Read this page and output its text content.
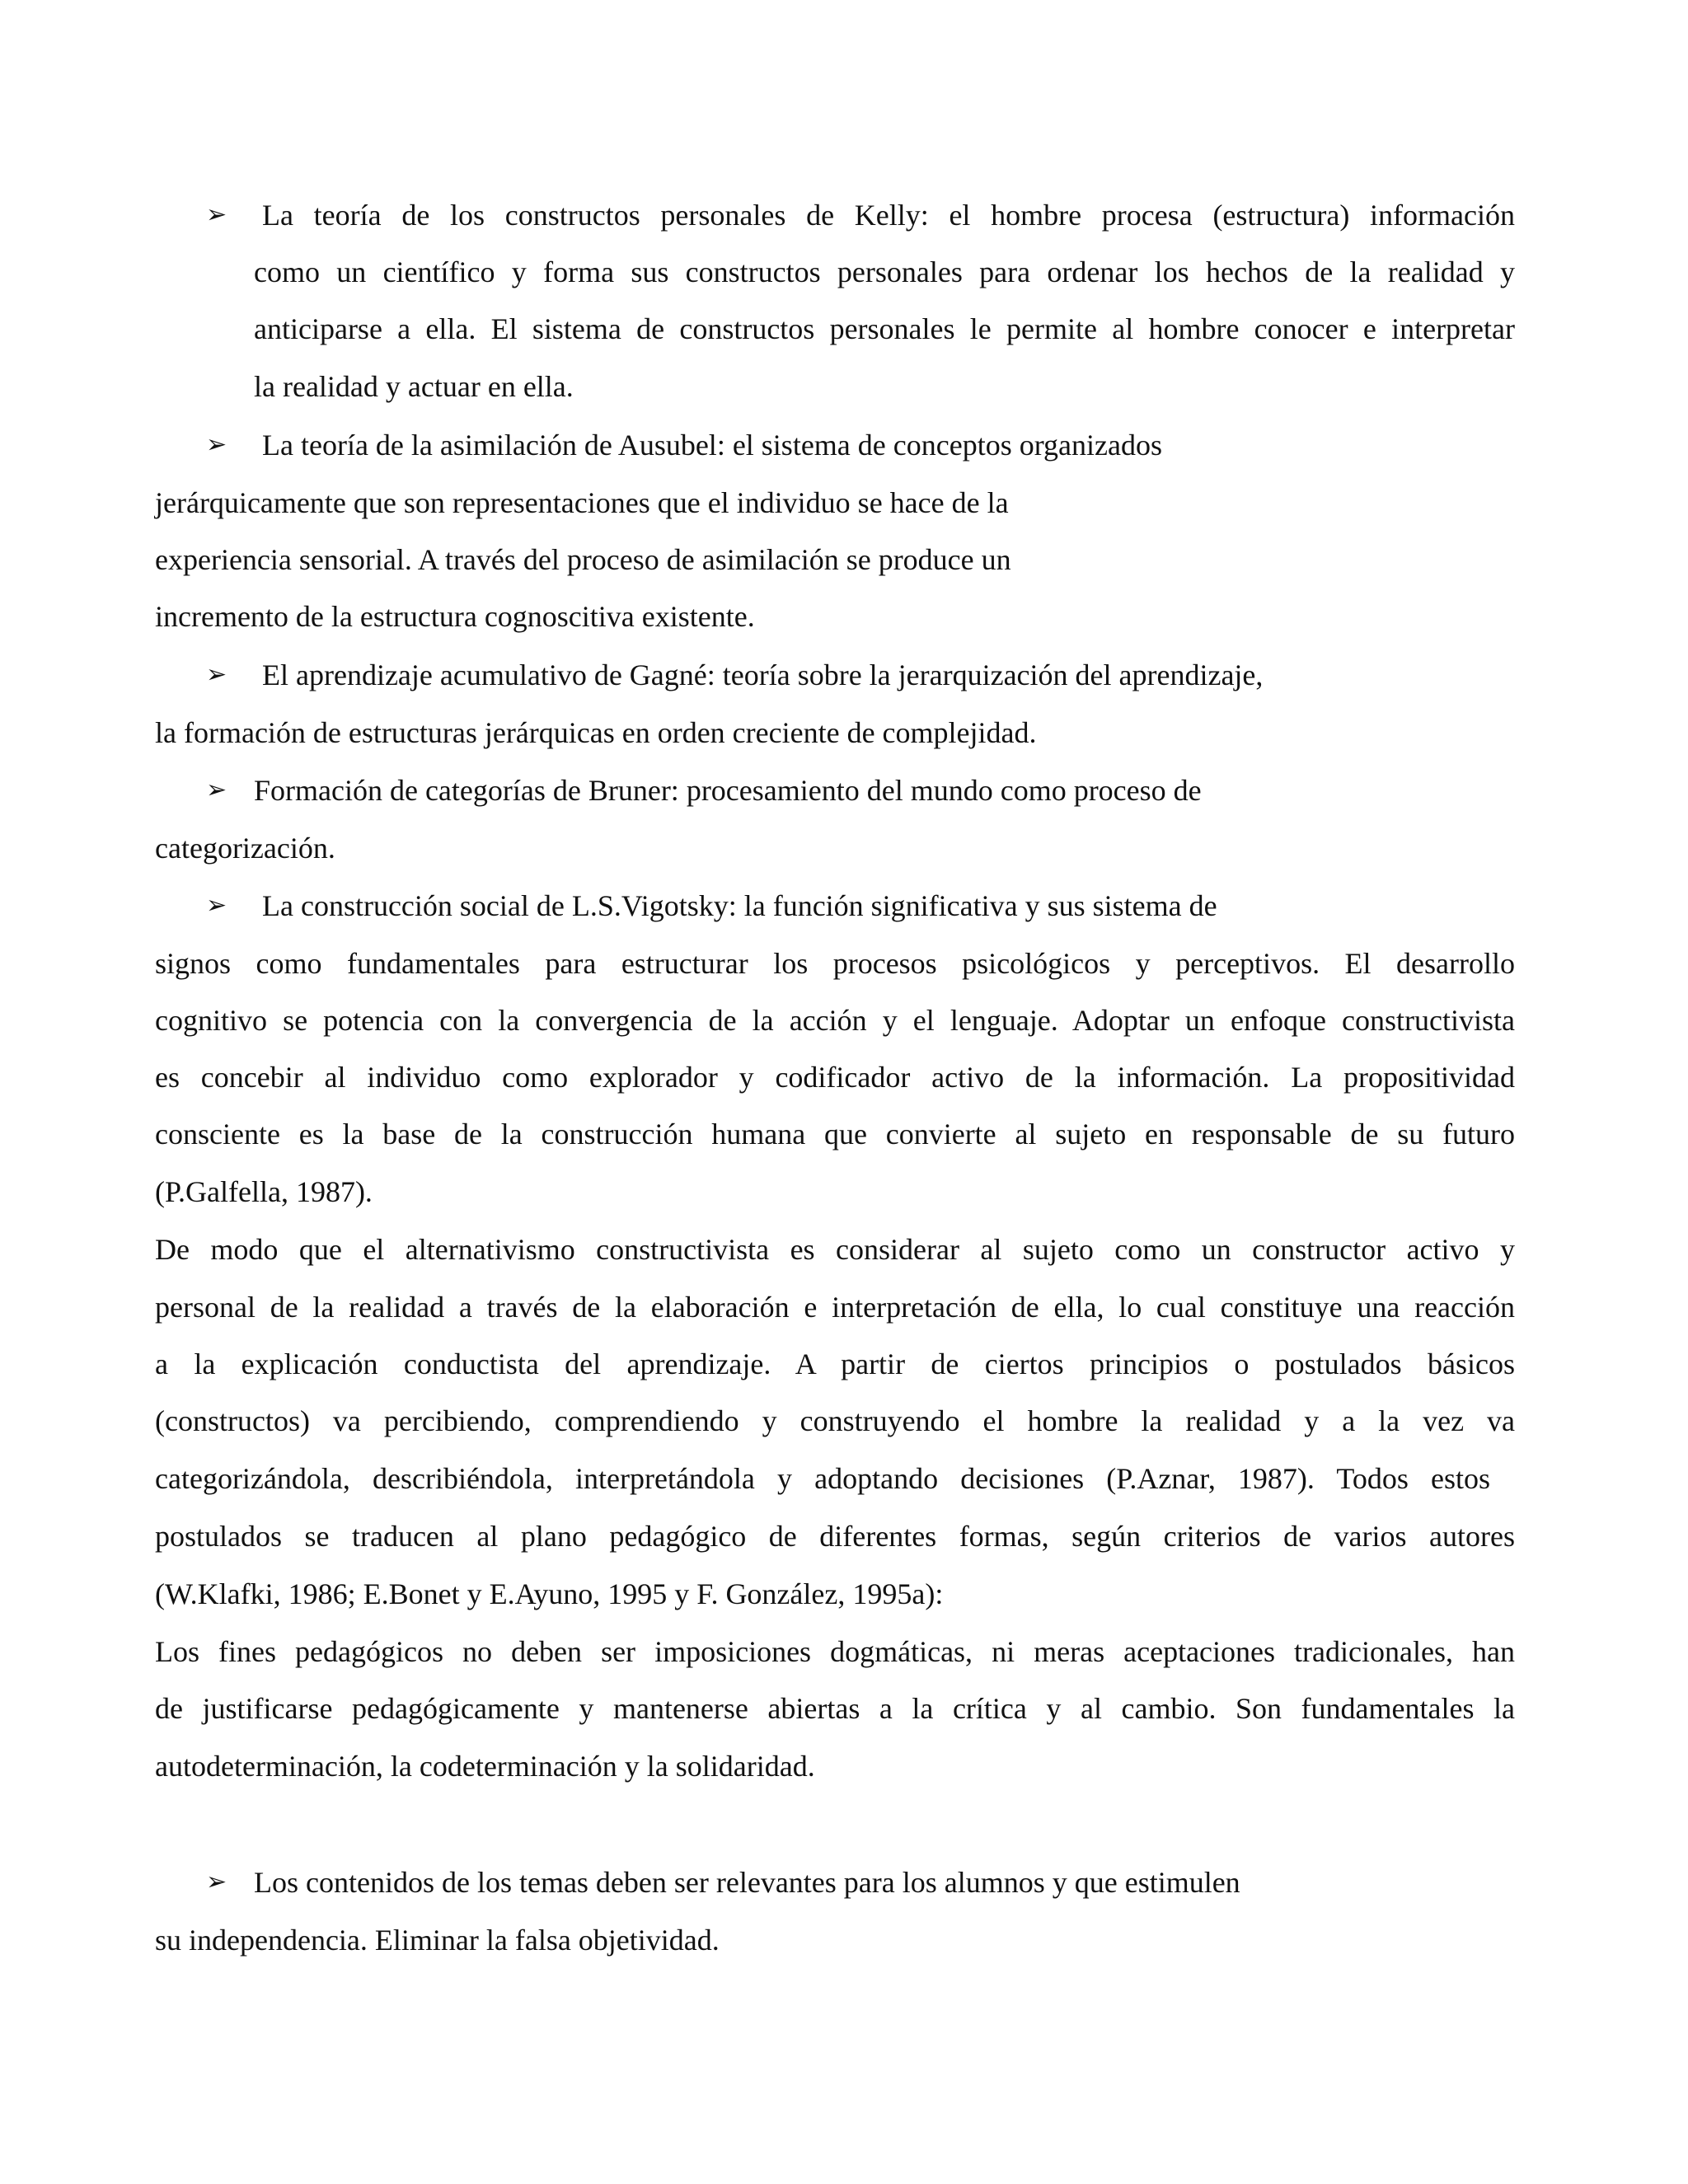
➢ La teoría de los constructos personales de Kelly: el hombre procesa (estructura) información

como un científico y forma sus constructos personales para ordenar los hechos de la realidad y

anticiparse a ella. El sistema de constructos personales le permite al hombre conocer e interpretar

la realidad y actuar en ella.

➢ La teoría de la asimilación de Ausubel: el sistema de conceptos organizados

jerárquicamente que son representaciones que el individuo se hace de la

experiencia sensorial. A través del proceso de asimilación se produce un

incremento de la estructura cognoscitiva existente.

➢ El aprendizaje acumulativo de Gagné: teoría sobre la jerarquización del aprendizaje,

la formación de estructuras jerárquicas en orden creciente de complejidad.

➢ Formación de categorías de Bruner: procesamiento del mundo como proceso de

categorización.

➢ La construcción social de L.S.Vigotsky: la función significativa y sus sistema de

signos como fundamentales para estructurar los procesos psicológicos y perceptivos. El desarrollo

cognitivo se potencia con la convergencia de la acción y el lenguaje. Adoptar un enfoque constructivista

es concebir al individuo como explorador y codificador activo de la información. La propositividad

consciente es la base de la construcción humana que convierte al sujeto en responsable de su futuro

(P.Galfella, 1987).

De modo que el alternativismo constructivista es considerar al sujeto como un constructor activo y

personal de la realidad a través de la elaboración e interpretación de ella, lo cual constituye una reacción

a la explicación conductista del aprendizaje. A partir de ciertos principios o postulados básicos

(constructos) va percibiendo, comprendiendo y construyendo el hombre la realidad y a la vez va

categorizándola, describiéndola, interpretándola y adoptando decisiones (P.Aznar, 1987). Todos estos

postulados se traducen al plano pedagógico de diferentes formas, según criterios de varios autores

(W.Klafki, 1986; E.Bonet y E.Ayuno, 1995 y F. González, 1995a):

Los fines pedagógicos no deben ser imposiciones dogmáticas, ni meras aceptaciones tradicionales, han

de justificarse pedagógicamente y mantenerse abiertas a la crítica y al cambio. Son fundamentales la

autodeterminación, la codeterminación y la solidaridad.

➢ Los contenidos de los temas deben ser relevantes para los alumnos y que estimulen

su independencia. Eliminar la falsa objetividad.
